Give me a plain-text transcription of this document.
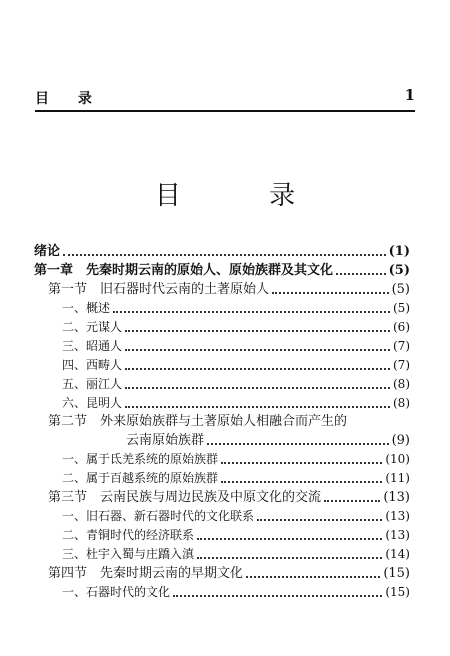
目 录	1
目 录
绪论	(1)
第一章　先秦时期云南的原始人、原始族群及其文化	(5)
第一节　旧石器时代云南的土著原始人	(5)
一、概述	(5)
二、元谋人	(6)
三、昭通人	(7)
四、西畴人	(7)
五、丽江人	(8)
六、昆明人	(8)
第二节　外来原始族群与土著原始人相融合而产生的
云南原始族群	(9)
一、属于氐羌系统的原始族群	(10)
二、属于百越系统的原始族群	(11)
第三节　云南民族与周边民族及中原文化的交流	(13)
一、旧石器、新石器时代的文化联系	(13)
二、青铜时代的经济联系	(13)
三、杜宇入蜀与庄蹻入滇	(14)
第四节　先秦时期云南的早期文化	(15)
一、石器时代的文化	(15)
